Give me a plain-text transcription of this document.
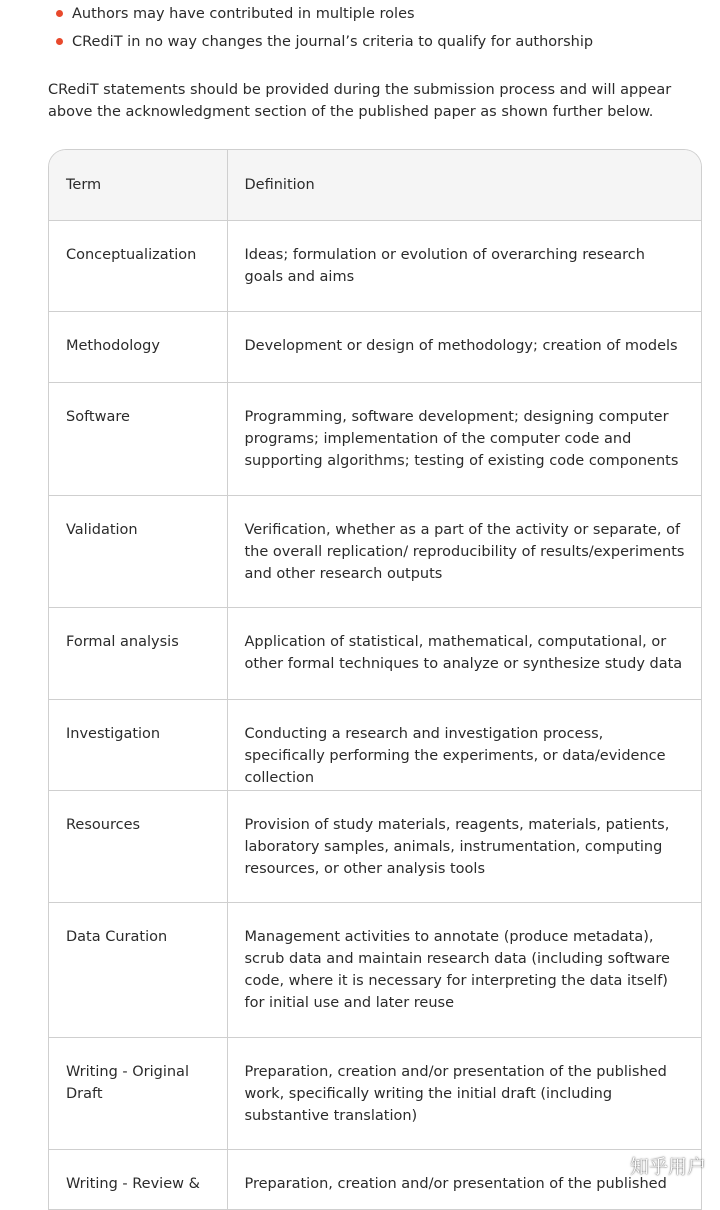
Authors may have contributed in multiple roles
CRediT in no way changes the journal’s criteria to qualify for authorship

CRediT statements should be provided during the submission process and will appear above the acknowledgment section of the published paper as shown further below.

Term	Definition
Conceptualization	Ideas; formulation or evolution of overarching research goals and aims
Methodology	Development or design of methodology; creation of models
Software	Programming, software development; designing computer programs; implementation of the computer code and supporting algorithms; testing of existing code components
Validation	Verification, whether as a part of the activity or separate, of the overall replication/ reproducibility of results/experiments and other research outputs
Formal analysis	Application of statistical, mathematical, computational, or other formal techniques to analyze or synthesize study data
Investigation	Conducting a research and investigation process, specifically performing the experiments, or data/evidence collection
Resources	Provision of study materials, reagents, materials, patients, laboratory samples, animals, instrumentation, computing resources, or other analysis tools
Data Curation	Management activities to annotate (produce metadata), scrub data and maintain research data (including software code, where it is necessary for interpreting the data itself) for initial use and later reuse
Writing - Original Draft	Preparation, creation and/or presentation of the published work, specifically writing the initial draft (including substantive translation)
Writing - Review &	Preparation, creation and/or presentation of the published
知乎用户
